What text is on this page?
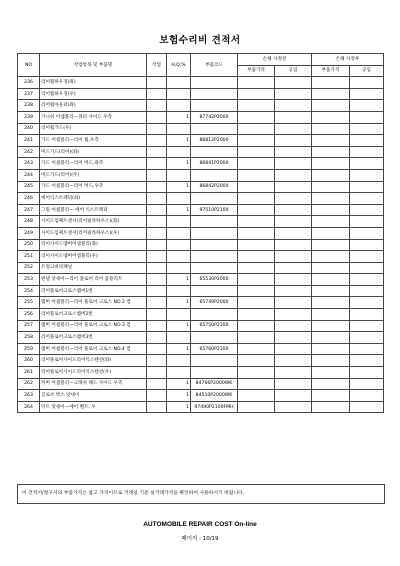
보험수리비 견적서
NO	작업항목 및 부품명	작업	H,Q,%	부품코드	손해 사정전		손해 사정후	
					부품가격	공임	부품가격	공임
236	리어휠하우징(좌)							
237	리어휠하우징(우)							
238	리어휠아웃터(좌)							
239	가니쉬 어셈블리—쿼터 사이드 우측		1	87742P2000				
240	리어휠가드(우)							
241	가드 어셈블리—리어 휠,우측		1	86812P2000				
242	머드가드(리어)(좌)							
243	가드 어셈블리—리어 머드,좌측		1	86841P2000				
244	머드가드(리어)(우)							
245	가드 어셈블리—리어 머드,우측		1	86842P2000				
246	에어익스트렉터(좌)							
247	그릴 어셈블리— 에어 익스트렉터		1	97510P2100				
248	사이드임팩트센서(리어필라하우스)(좌)							
249	사이드임팩트센서(리어필라하우스)(우)							
250	리어사이드멤버어셈블리(좌)							
251	리어사이드멤버어셈블리(우)							
252	트렁크바닥패널							
253	판넬 앗세이—리어 플로어 리어 콤플리트		1	65530P2000				
254	리어플로어크로스멤버1번							
255	멤버 어셈블리—리어 플로어 크로스 NO.2 컴		1	65749P2000				
256	리어플로어크로스멤버2번							
257	멤버 어셈블리—리어 플로어 크로스 NO.3 컴		1	65750P2100				
258	리어플로어크로스멤버3번							
259	멤버 어셈블리—리어 플로어 크로스 NO.4 컴		1	65760P2100				
260	리어플로어사이드리어익스텐션(좌)							
261	리어플로어사이드리어익스텐션(우)							
262	커버 어셈블리—크래쉬 패드 사이드 우측		1	84766P2000WK				
263	글로브 박스 앗세이		1	84510P2000WK				
264	덕트 앗세이—에어 벤트, 우		1	97490P2100FMH				
이 견적서/청구서의 부품가격은 참고 가격이므로 거래일 기준 실거래가격을 확인하여 사용하시기 바랍니다.
AUTOMOBILE REPAIR COST On-line
페이지 : 10/19
